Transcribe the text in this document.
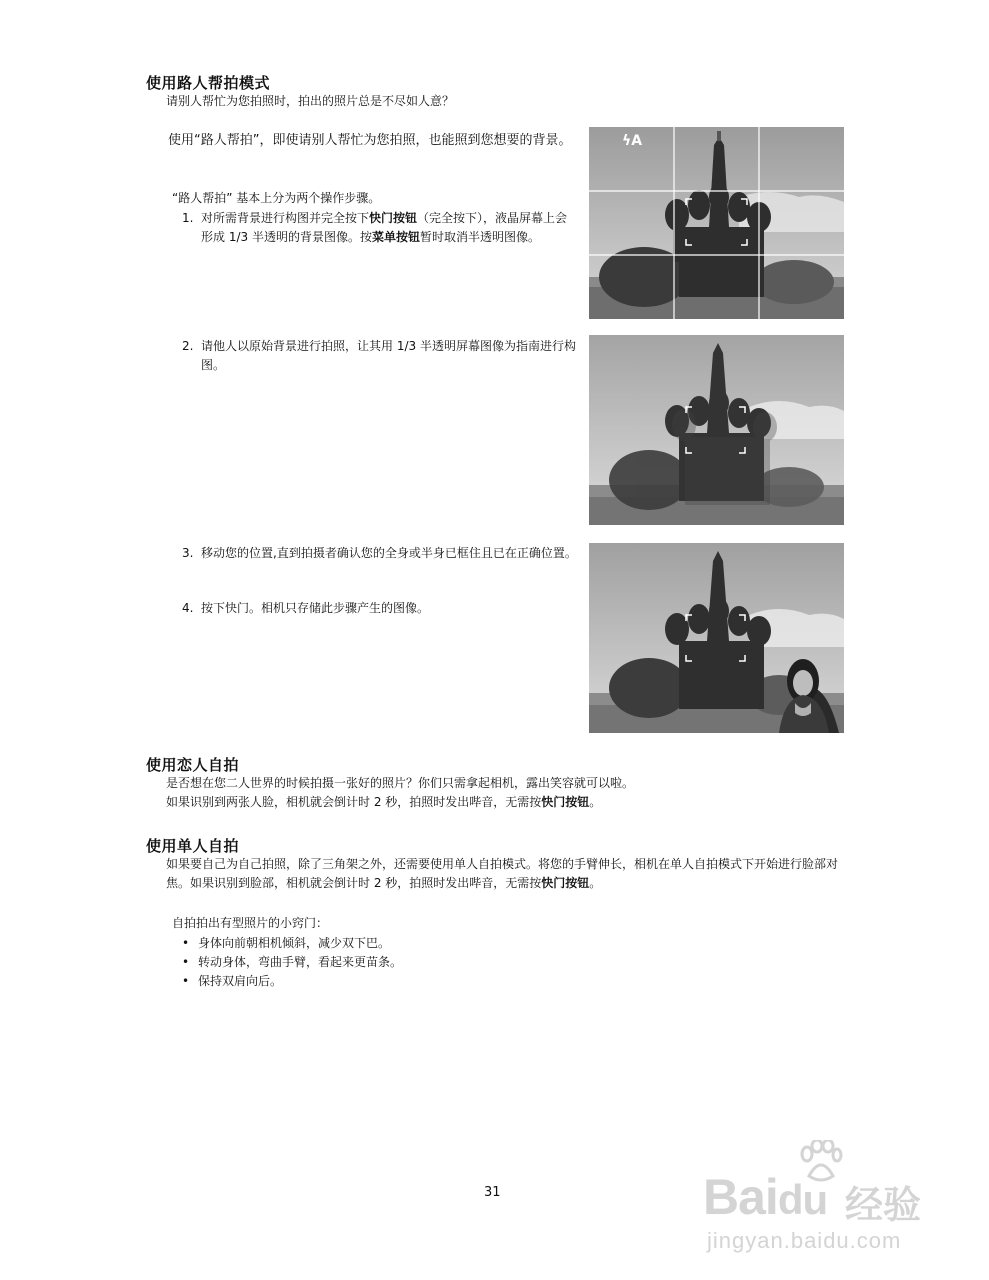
使用路人帮拍模式
请别人帮忙为您拍照时，拍出的照片总是不尽如人意？
使用“路人帮拍”，即使请别人帮忙为您拍照，也能照到您想要的背景。
“路人帮拍” 基本上分为两个操作步骤。
1. 对所需背景进行构图并完全按下快门按钮（完全按下），液晶屏幕上会形成 1/3 半透明的背景图像。按菜单按钮暂时取消半透明图像。
2. 请他人以原始背景进行拍照，让其用 1/3 半透明屏幕图像为指南进行构图。
3. 移动您的位置,直到拍摄者确认您的全身或半身已框住且已在正确位置。
4. 按下快门。相机只存储此步骤产生的图像。
ϟA
使用恋人自拍
是否想在您二人世界的时候拍摄一张好的照片？你们只需拿起相机，露出笑容就可以啦。
如果识别到两张人脸，相机就会倒计时 2 秒，拍照时发出哔音，无需按快门按钮。
使用单人自拍
如果要自己为自己拍照，除了三角架之外，还需要使用单人自拍模式。将您的手臂伸长，相机在单人自拍模式下开始进行脸部对焦。如果识别到脸部，相机就会倒计时 2 秒，拍照时发出哔音，无需按快门按钮。
自拍拍出有型照片的小窍门：
• 身体向前朝相机倾斜，减少双下巴。
• 转动身体，弯曲手臂，看起来更苗条。
• 保持双肩向后。
31	Baidu 经验
jingyan.baidu.com
